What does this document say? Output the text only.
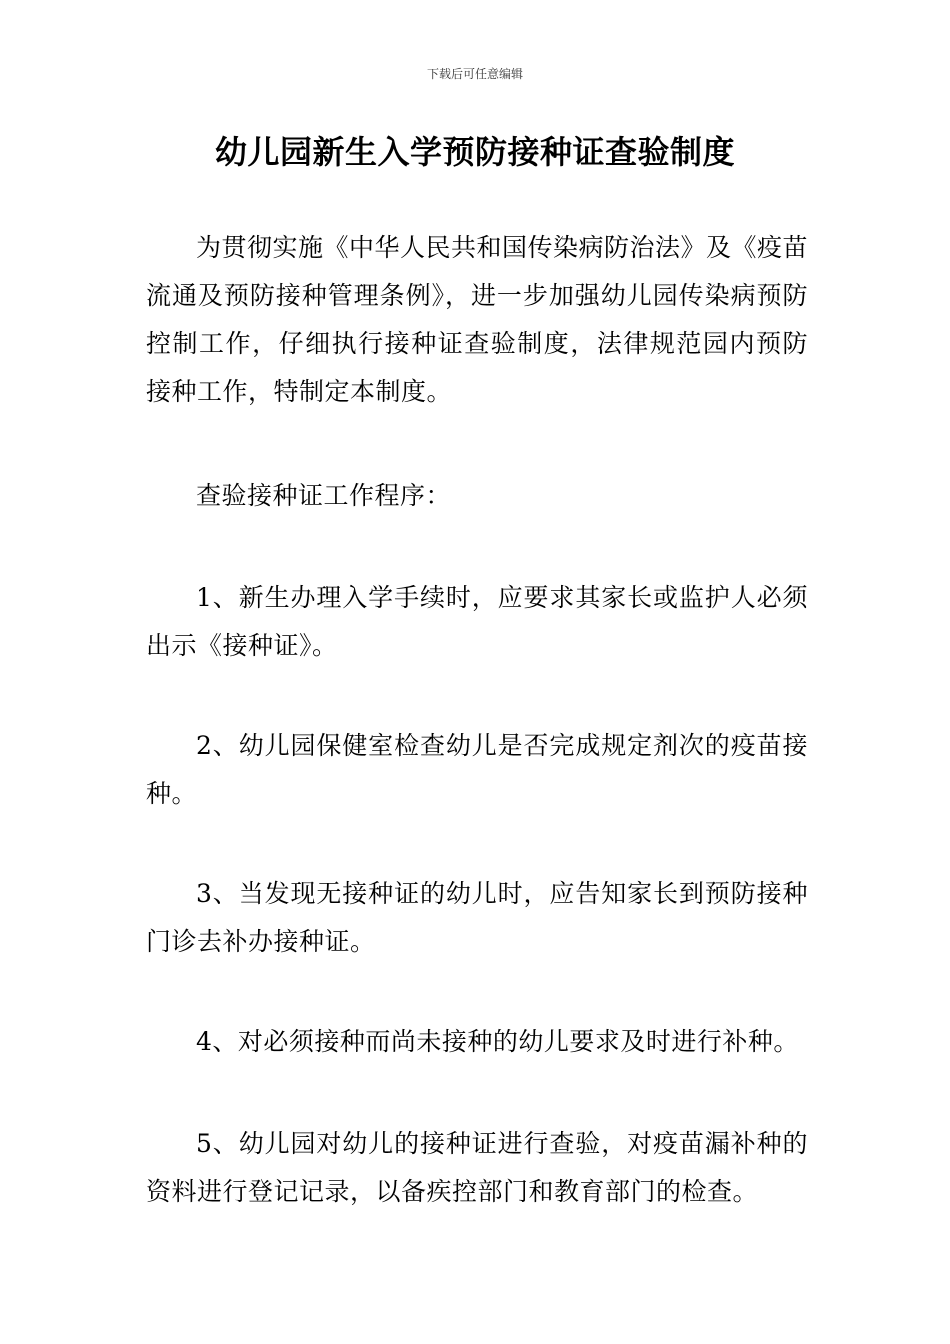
下载后可任意编辑
幼儿园新生入学预防接种证查验制度

为贯彻实施《中华人民共和国传染病防治法》及《疫苗流通及预防接种管理条例》，进一步加强幼儿园传染病预防控制工作，仔细执行接种证查验制度，法律规范园内预防接种工作，特制定本制度。

查验接种证工作程序：

1、新生办理入学手续时，应要求其家长或监护人必须出示《接种证》。

2、幼儿园保健室检查幼儿是否完成规定剂次的疫苗接种。

3、当发现无接种证的幼儿时，应告知家长到预防接种门诊去补办接种证。

4、对必须接种而尚未接种的幼儿要求及时进行补种。

5、幼儿园对幼儿的接种证进行查验，对疫苗漏补种的资料进行登记记录，以备疾控部门和教育部门的检查。
